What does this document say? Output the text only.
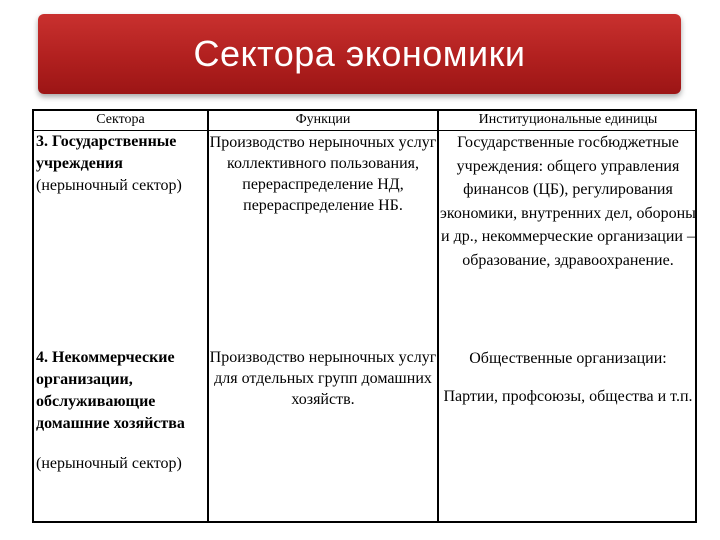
Сектора экономики
Сектора	Функции	Институциональные единицы
3. Государственные учреждения
(нерыночный сектор)
Производство нерыночных услуг коллективного пользования, перераспределение НД, перераспределение НБ.
Государственные госбюджетные учреждения: общего управления финансов (ЦБ), регулирования экономики, внутренних дел, обороны и др., некоммерческие организации – образование, здравоохранение.
4. Некоммерческие организации, обслуживающие домашние хозяйства
(нерыночный сектор)
Производство нерыночных услуг для отдельных групп домашних хозяйств.
Общественные организации:
Партии, профсоюзы, общества и т.п.
